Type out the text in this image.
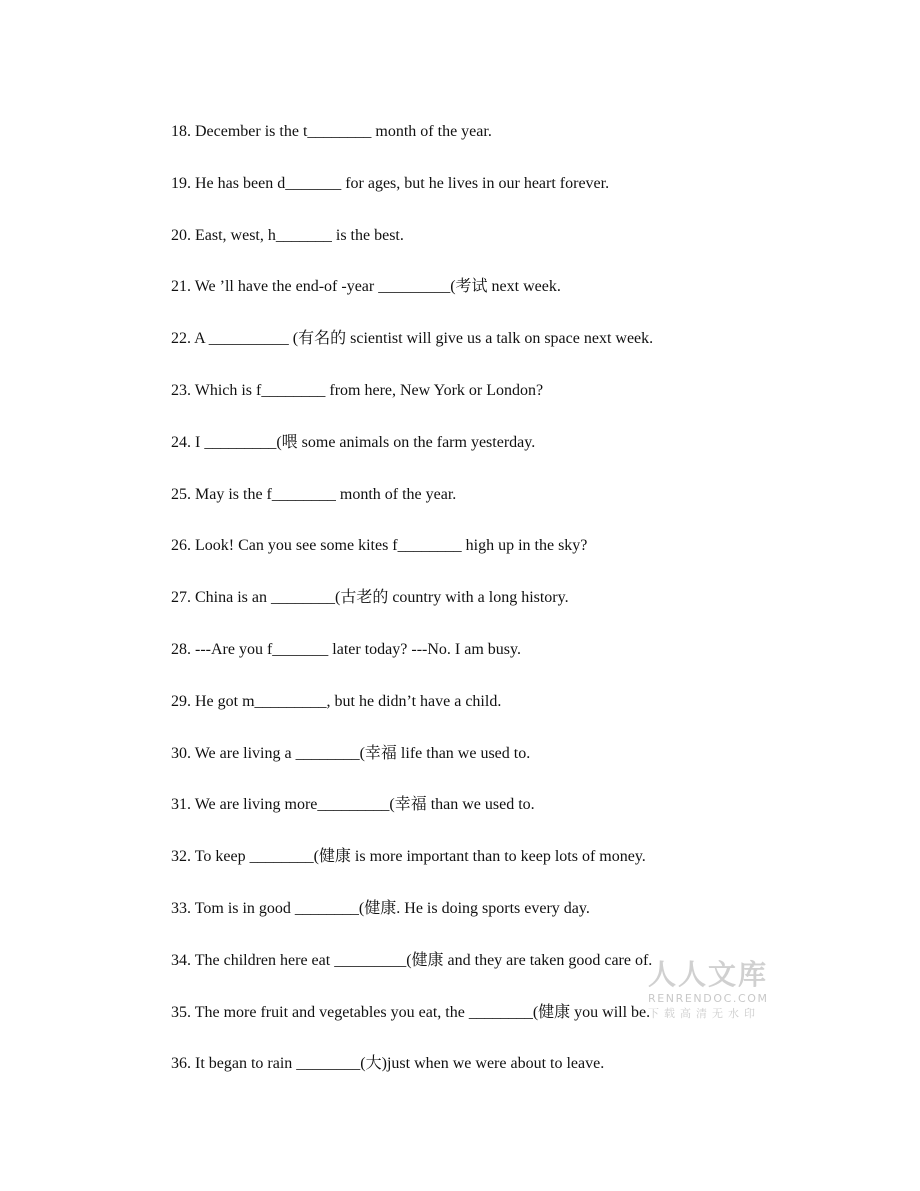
18. December is the t________ month of the year.
19. He has been d_______ for ages, but he lives in our heart forever.
20. East, west, h_______ is the best.
21. We ’ll have the end-of -year _________(考试 next week.
22. A __________ (有名的 scientist will give us a talk on space next week.
23. Which is f________ from here, New York or London?
24. I _________(喂 some animals on the farm yesterday.
25. May is the f________ month of the year.
26. Look! Can you see some kites f________ high up in the sky?
27. China is an ________(古老的 country with a long history.
28. ---Are you f_______ later today? ---No. I am busy.
29. He got m_________, but he didn’t have a child.
30. We are living a ________(幸福 life than we used to.
31. We are living more_________(幸福 than we used to.
32. To keep ________(健康 is more important than to keep lots of money.
33. Tom is in good ________(健康. He is doing sports every day.
34. The children here eat _________(健康 and they are taken good care of.
35. The more fruit and vegetables you eat, the ________(健康 you will be.
36. It began to rain ________(大)just when we were about to leave.
人人文库
RENRENDOC.COM
下载高清无水印
